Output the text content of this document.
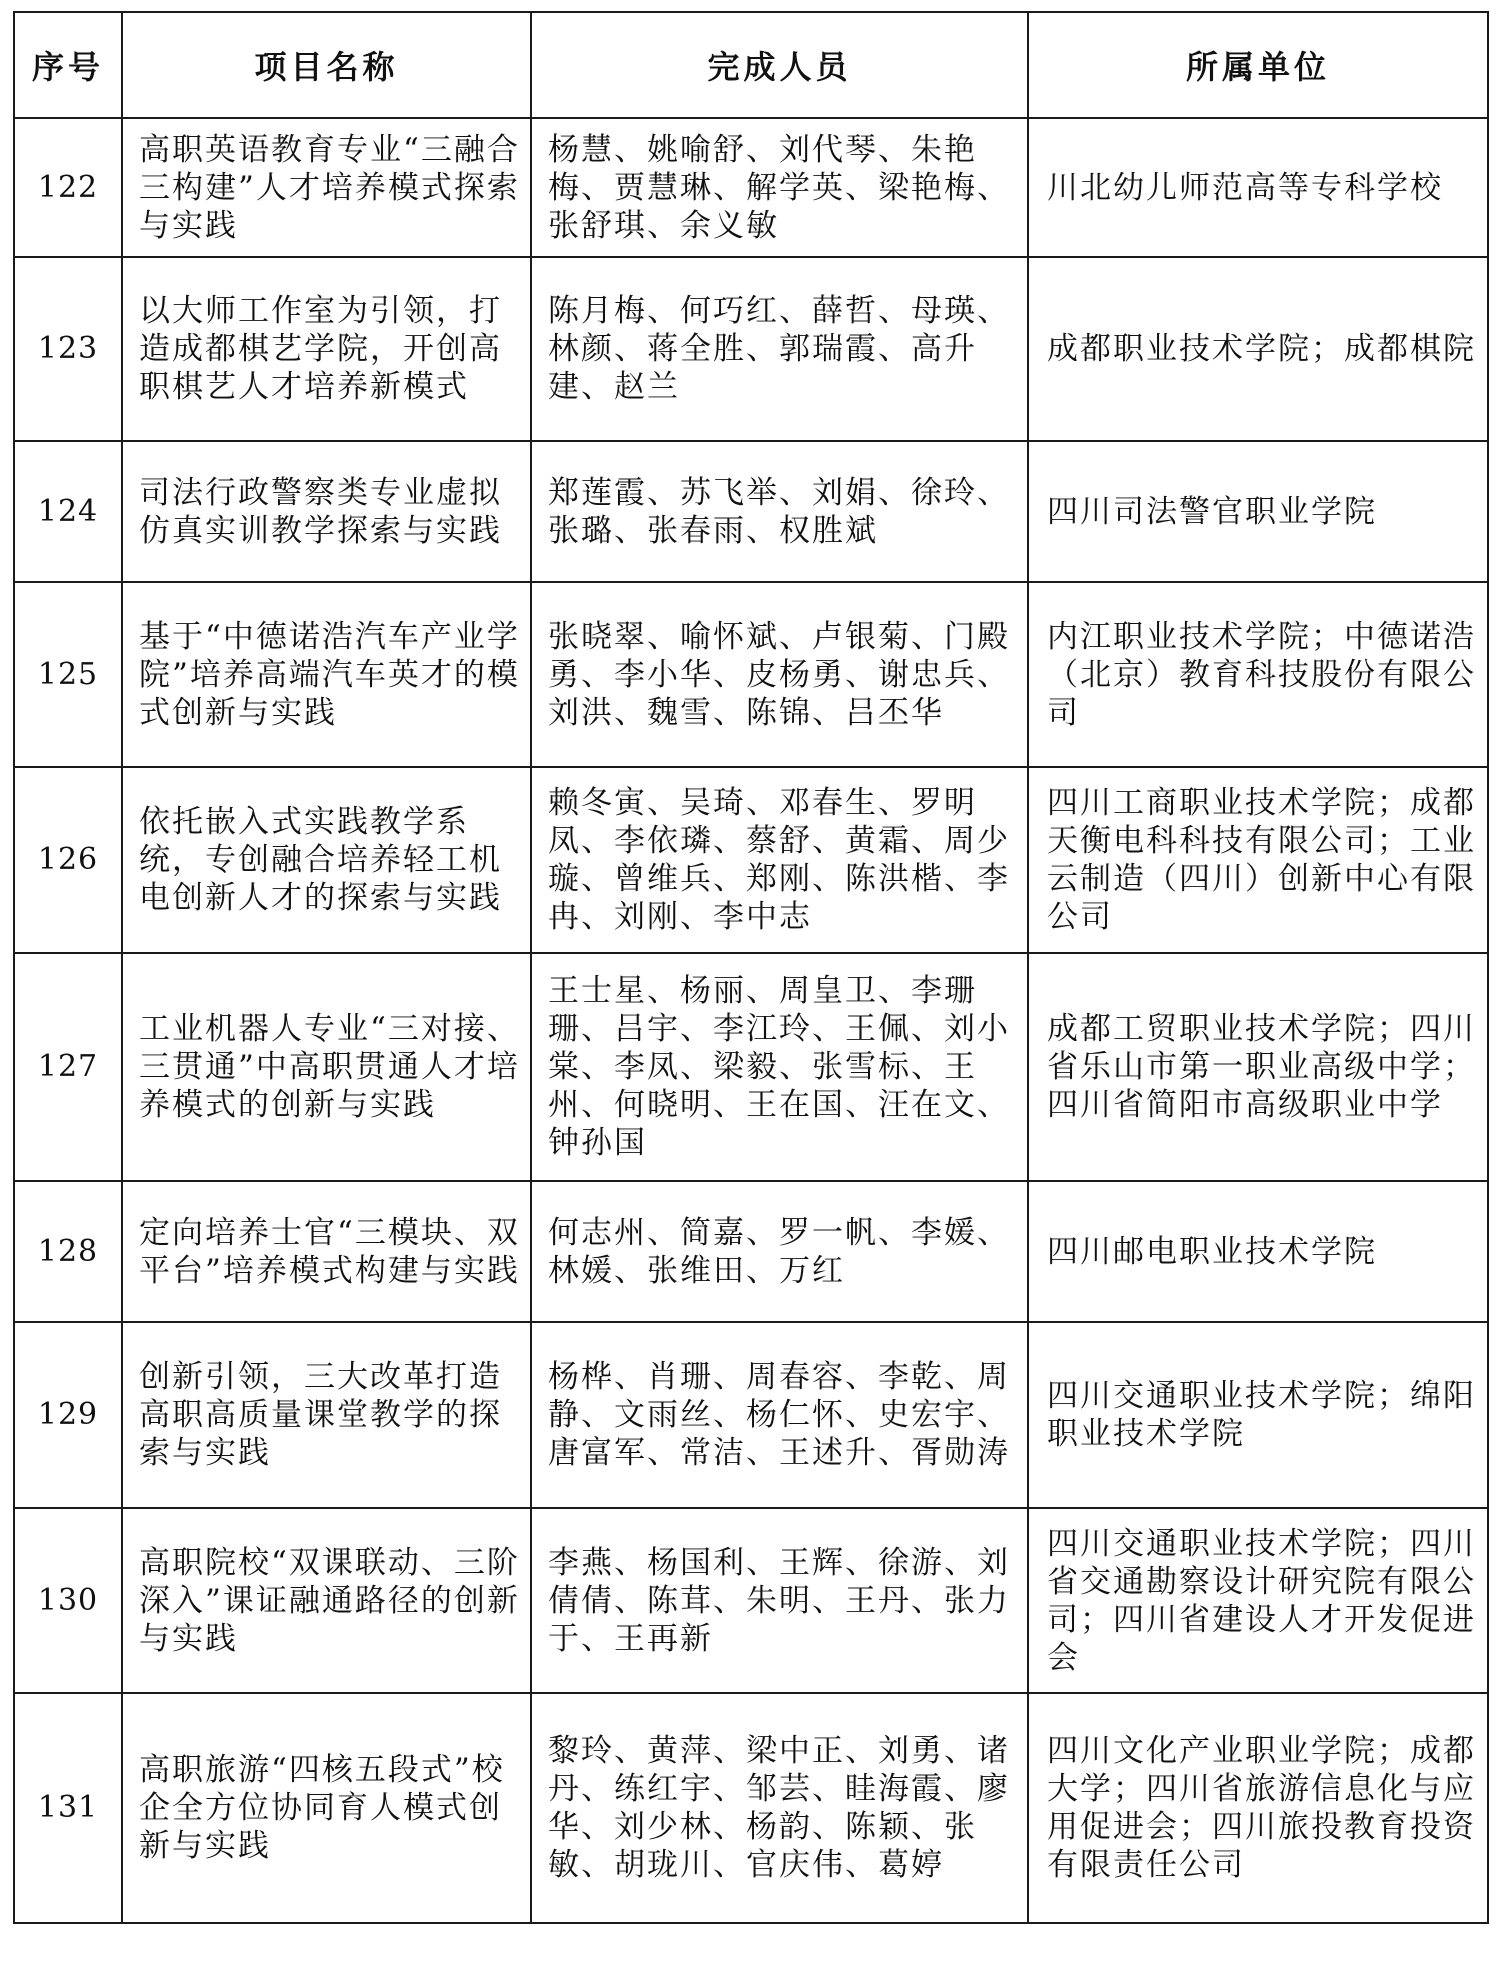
序号	项目名称	完成人员	所属单位
122	高职英语教育专业“三融合 三构建”人才培养模式探索与实践	杨慧、姚喻舒、刘代琴、朱艳梅、贾慧琳、解学英、梁艳梅、张舒琪、余义敏	川北幼儿师范高等专科学校
123	以大师工作室为引领，打造成都棋艺学院，开创高职棋艺人才培养新模式	陈月梅、何巧红、薛哲、母瑛、林颜、蒋全胜、郭瑞霞、高升建、赵兰	成都职业技术学院；成都棋院
124	司法行政警察类专业虚拟仿真实训教学探索与实践	郑莲霞、苏飞举、刘娟、徐玲、张璐、张春雨、权胜斌	四川司法警官职业学院
125	基于“中德诺浩汽车产业学院”培养高端汽车英才的模式创新与实践	张晓翠、喻怀斌、卢银菊、门殿勇、李小华、皮杨勇、谢忠兵、刘洪、魏雪、陈锦、吕丕华	内江职业技术学院；中德诺浩（北京）教育科技股份有限公司
126	依托嵌入式实践教学系统，专创融合培养轻工机电创新人才的探索与实践	赖冬寅、吴琦、邓春生、罗明凤、李依璘、蔡舒、黄霜、周少璇、曾维兵、郑刚、陈洪楷、李冉、刘刚、李中志	四川工商职业技术学院；成都天衡电科科技有限公司；工业云制造（四川）创新中心有限公司
127	工业机器人专业“三对接、三贯通”中高职贯通人才培养模式的创新与实践	王士星、杨丽、周皇卫、李珊珊、吕宇、李江玲、王佩、刘小棠、李凤、梁毅、张雪标、王州、何晓明、王在国、汪在文、钟孙国	成都工贸职业技术学院；四川省乐山市第一职业高级中学；四川省简阳市高级职业中学
128	定向培养士官“三模块、双平台”培养模式构建与实践	何志州、简嘉、罗一帆、李媛、林媛、张维田、万红	四川邮电职业技术学院
129	创新引领，三大改革打造高职高质量课堂教学的探索与实践	杨桦、肖珊、周春容、李乾、周静、文雨丝、杨仁怀、史宏宇、唐富军、常洁、王述升、胥勋涛	四川交通职业技术学院；绵阳职业技术学院
130	高职院校“双课联动、三阶深入”课证融通路径的创新与实践	李燕、杨国利、王辉、徐游、刘倩倩、陈茸、朱明、王丹、张力于、王再新	四川交通职业技术学院；四川省交通勘察设计研究院有限公司；四川省建设人才开发促进会
131	高职旅游“四核五段式”校企全方位协同育人模式创新与实践	黎玲、黄萍、梁中正、刘勇、诸丹、练红宇、邹芸、眭海霞、廖华、刘少林、杨韵、陈颖、张敏、胡珑川、官庆伟、葛婷	四川文化产业职业学院；成都大学；四川省旅游信息化与应用促进会；四川旅投教育投资有限责任公司
